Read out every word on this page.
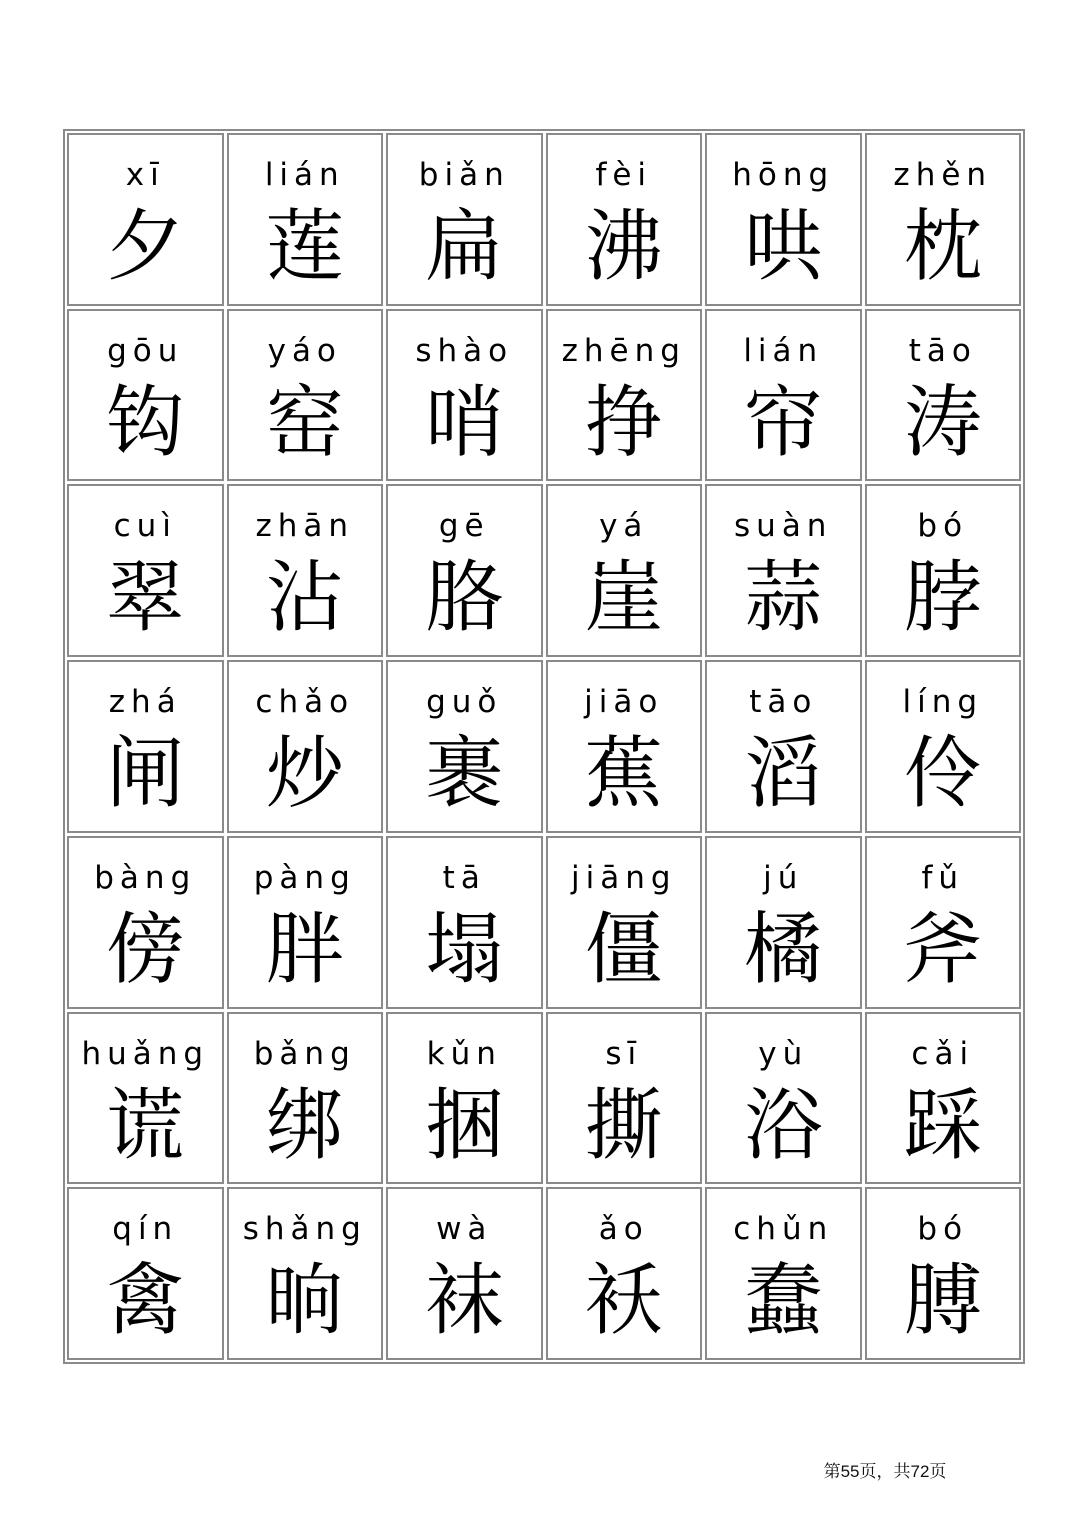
xī
夕
lián
莲
biǎn
扁
fèi
沸
hōng
哄
zhěn
枕
gōu
钩
yáo
窑
shào
哨
zhēng
挣
lián
帘
tāo
涛
cuì
翠
zhān
沾
gē
胳
yá
崖
suàn
蒜
bó
脖
zhá
闸
chǎo
炒
guǒ
裹
jiāo
蕉
tāo
滔
líng
伶
bàng
傍
pàng
胖
tā
塌
jiāng
僵
jú
橘
fǔ
斧
huǎng
谎
bǎng
绑
kǔn
捆
sī
撕
yù
浴
cǎi
踩
qín
禽
shǎng
晌
wà
袜
ǎo
袄
chǔn
蠢
bó
膊
第55页，共72页
